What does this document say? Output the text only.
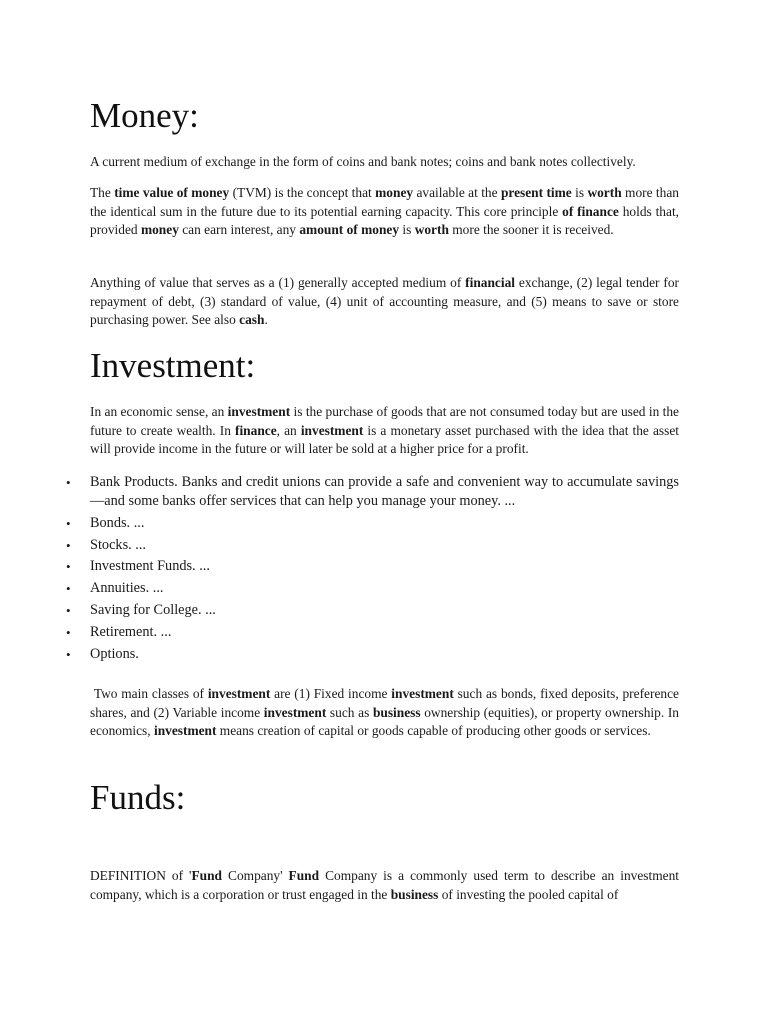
Money:

A current medium of exchange in the form of coins and bank notes; coins and bank notes collectively.

The time value of money (TVM) is the concept that money available at the present time is worth more than the identical sum in the future due to its potential earning capacity. This core principle of finance holds that, provided money can earn interest, any amount of money is worth more the sooner it is received.

Anything of value that serves as a (1) generally accepted medium of financial exchange, (2) legal tender for repayment of debt, (3) standard of value, (4) unit of accounting measure, and (5) means to save or store purchasing power. See also cash.

Investment:

In an economic sense, an investment is the purchase of goods that are not consumed today but are used in the future to create wealth. In finance, an investment is a monetary asset purchased with the idea that the asset will provide income in the future or will later be sold at a higher price for a profit.

• Bank Products. Banks and credit unions can provide a safe and convenient way to accumulate savings—and some banks offer services that can help you manage your money. ...
• Bonds. ...
• Stocks. ...
• Investment Funds. ...
• Annuities. ...
• Saving for College. ...
• Retirement. ...
• Options.

Two main classes of investment are (1) Fixed income investment such as bonds, fixed deposits, preference shares, and (2) Variable income investment such as business ownership (equities), or property ownership. In economics, investment means creation of capital or goods capable of producing other goods or services.

Funds:

DEFINITION of 'Fund Company' Fund Company is a commonly used term to describe an investment company, which is a corporation or trust engaged in the business of investing the pooled capital of
